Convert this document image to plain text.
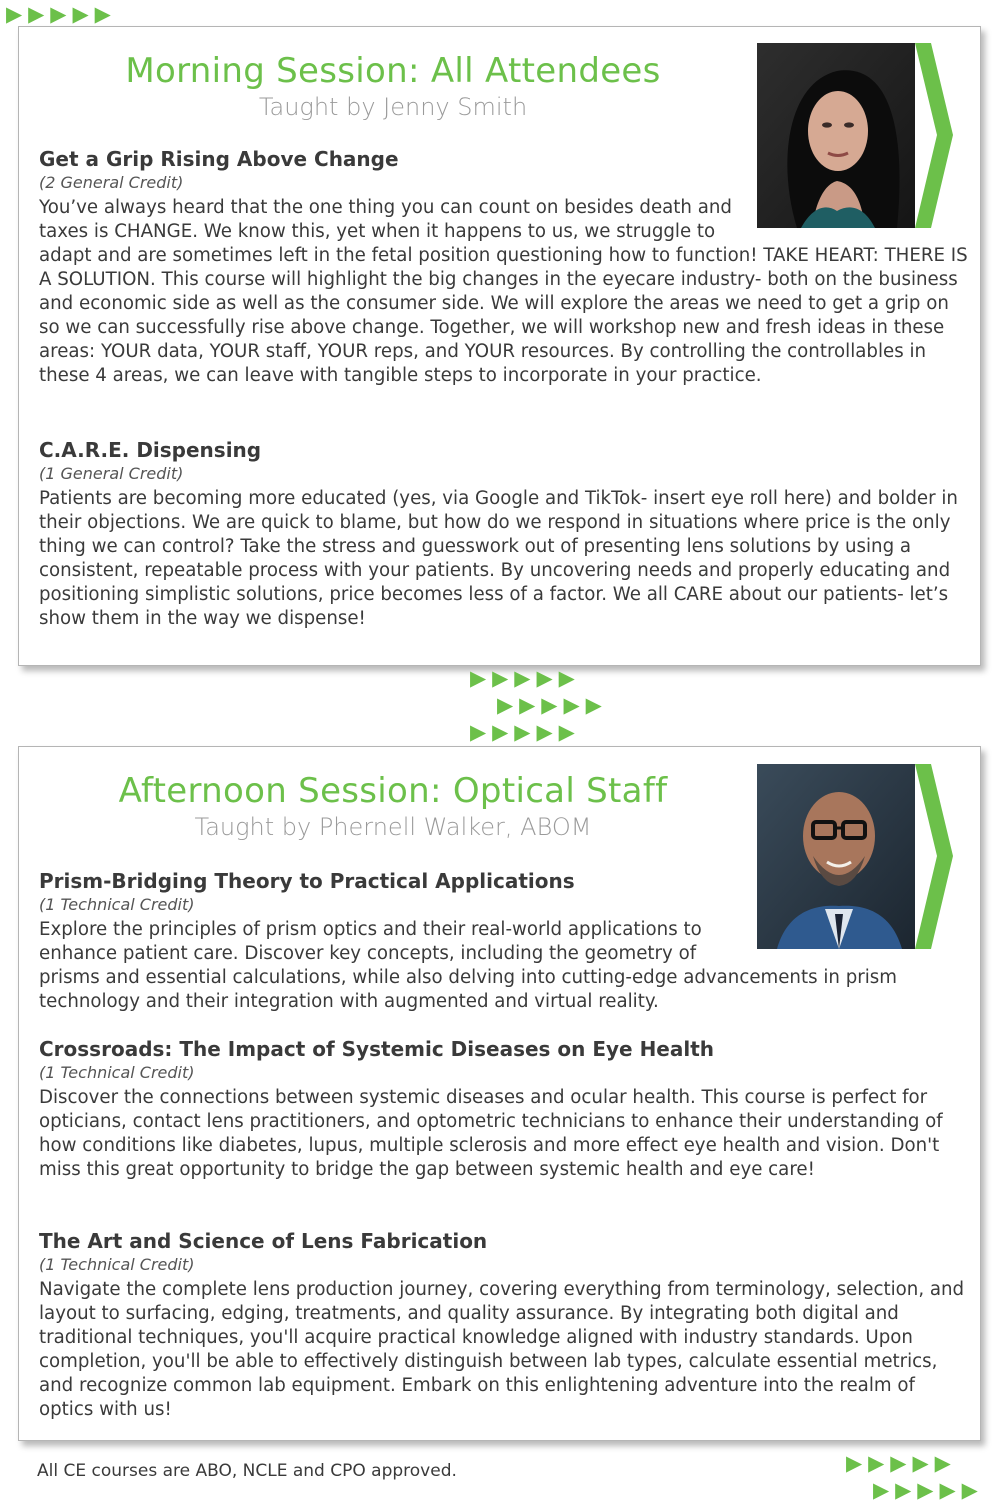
▶▶▶▶▶
Morning Session: All Attendees
Taught by Jenny Smith

Get a Grip Rising Above Change

(2 General Credit)

You’ve always heard that the one thing you can count on besides death and taxes is CHANGE. We know this, yet when it happens to us, we struggle to adapt and are sometimes left in the fetal position questioning how to function! TAKE HEART: THERE IS A SOLUTION. This course will highlight the big changes in the eyecare industry- both on the business and economic side as well as the consumer side. We will explore the areas we need to get a grip on so we can successfully rise above change. Together, we will workshop new and fresh ideas in these areas: YOUR data, YOUR staff, YOUR reps, and YOUR resources. By controlling the controllables in these 4 areas, we can leave with tangible steps to incorporate in your practice.

C.A.R.E. Dispensing

(1 General Credit)

Patients are becoming more educated (yes, via Google and TikTok- insert eye roll here) and bolder in their objections. We are quick to blame, but how do we respond in situations where price is the only thing we can control? Take the stress and guesswork out of presenting lens solutions by using a consistent, repeatable process with your patients. By uncovering needs and properly educating and positioning simplistic solutions, price becomes less of a factor. We all CARE about our patients- let’s show them in the way we dispense!

▶▶▶▶▶
▶▶▶▶▶
▶▶▶▶▶
Afternoon Session: Optical Staff
Taught by Phernell Walker, ABOM

Prism-Bridging Theory to Practical Applications

(1 Technical Credit)

Explore the principles of prism optics and their real-world applications to enhance patient care. Discover key concepts, including the geometry of prisms and essential calculations, while also delving into cutting-edge advancements in prism technology and their integration with augmented and virtual reality.

Crossroads: The Impact of Systemic Diseases on Eye Health

(1 Technical Credit)

Discover the connections between systemic diseases and ocular health. This course is perfect for opticians, contact lens practitioners, and optometric technicians to enhance their understanding of how conditions like diabetes, lupus, multiple sclerosis and more effect eye health and vision. Don't miss this great opportunity to bridge the gap between systemic health and eye care!

The Art and Science of Lens Fabrication

(1 Technical Credit)

Navigate the complete lens production journey, covering everything from terminology, selection, and layout to surfacing, edging, treatments, and quality assurance. By integrating both digital and traditional techniques, you'll acquire practical knowledge aligned with industry standards. Upon completion, you'll be able to effectively distinguish between lab types, calculate essential metrics, and recognize common lab equipment. Embark on this enlightening adventure into the realm of optics with us!

All CE courses are ABO, NCLE and CPO approved.	▶▶▶▶▶
▶▶▶▶▶
